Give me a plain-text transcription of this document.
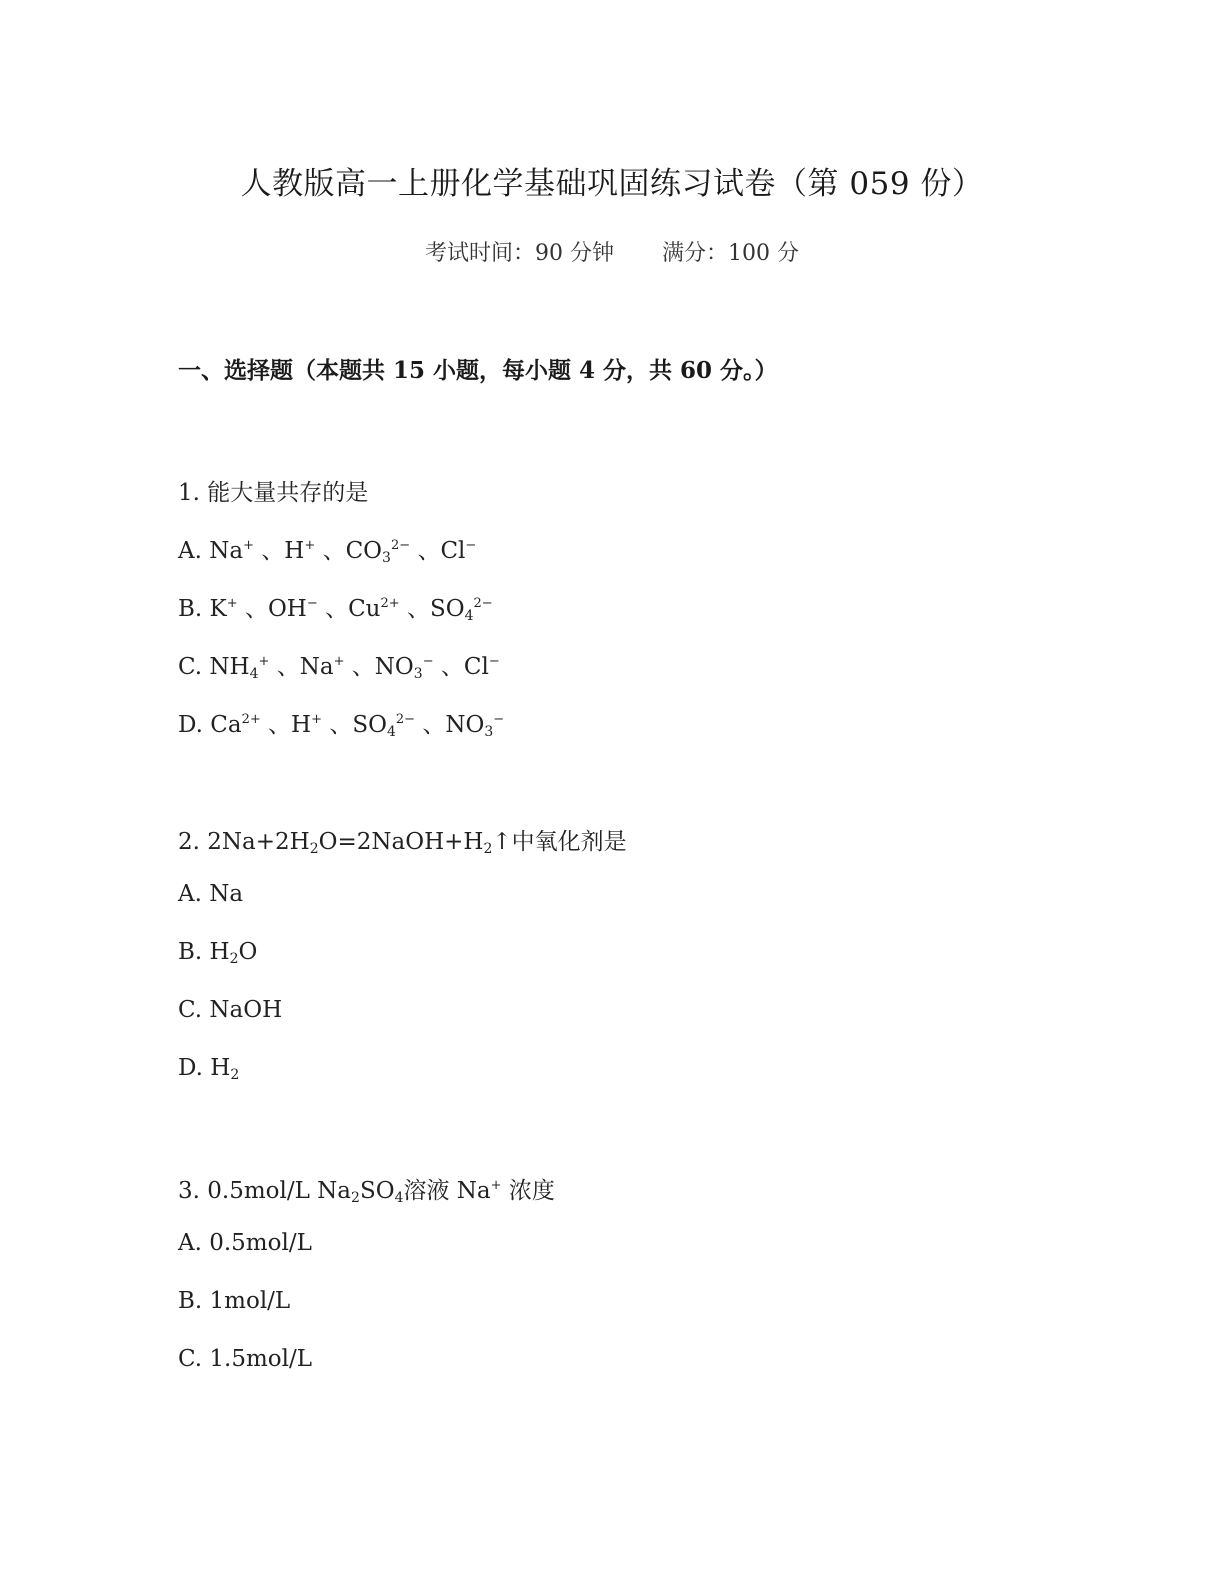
人教版高一上册化学基础巩固练习试卷（第 059 份）
考试时间：90 分钟 满分：100 分
一、选择题（本题共 15 小题，每小题 4 分，共 60 分。）
1. 能大量共存的是
A. Na+ 、H+ 、$CO_3^{2-}$ 、Cl−
B. K+ 、OH− 、$Cu^{2+}$ 、$SO_4^{2-}$
C. $NH_4^+$ 、Na+ 、$NO_3^-$ 、Cl−
D. $Ca^{2+}$ 、H+ 、$SO_4^{2-}$ 、$NO_3^-$
2. $2Na+2H_2O=2NaOH+H_2↑$中氧化剂是
A. Na
B. $H_2O$
C. NaOH
D. $H_2$
3. 0.5mol/L $Na_2SO_4$溶液 Na+ 浓度
A. 0.5mol/L
B. 1mol/L
C. 1.5mol/L
